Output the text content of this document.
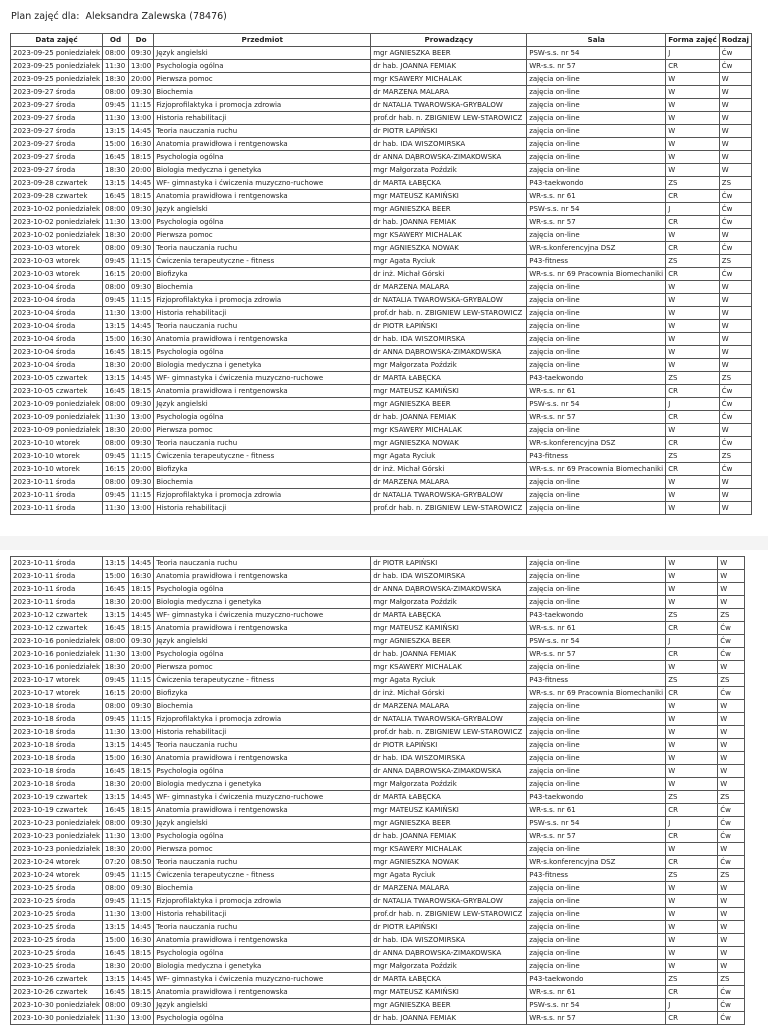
Plan zajęć dla: Aleksandra Zalewska (78476)
Data zajęć	Od	Do	Przedmiot	Prowadzący	Sala	Forma zajęć	Rodzaj
2023-09-25 poniedziałek	08:00	09:30	Język angielski	mgr AGNIESZKA BEER	PSW-s.s. nr 54	J	Ćw
2023-09-25 poniedziałek	11:30	13:00	Psychologia ogólna	dr hab. JOANNA FEMIAK	WR-s.s. nr 57	CR	Ćw
2023-09-25 poniedziałek	18:30	20:00	Pierwsza pomoc	mgr KSAWERY MICHALAK	zajęcia on-line	W	W
2023-09-27 środa	08:00	09:30	Biochemia	dr MARZENA MALARA	zajęcia on-line	W	W
2023-09-27 środa	09:45	11:15	Fizjoprofilaktyka i promocja zdrowia	dr NATALIA TWAROWSKA-GRYBALOW	zajęcia on-line	W	W
2023-09-27 środa	11:30	13:00	Historia rehabilitacji	prof.dr hab. n. ZBIGNIEW LEW-STAROWICZ	zajęcia on-line	W	W
2023-09-27 środa	13:15	14:45	Teoria nauczania ruchu	dr PIOTR ŁAPIŃSKI	zajęcia on-line	W	W
2023-09-27 środa	15:00	16:30	Anatomia prawidłowa i rentgenowska	dr hab. IDA WISZOMIRSKA	zajęcia on-line	W	W
2023-09-27 środa	16:45	18:15	Psychologia ogólna	dr ANNA DĄBROWSKA-ZIMAKOWSKA	zajęcia on-line	W	W
2023-09-27 środa	18:30	20:00	Biologia medyczna i genetyka	mgr Małgorzata Poździk	zajęcia on-line	W	W
2023-09-28 czwartek	13:15	14:45	WF- gimnastyka i ćwiczenia muzyczno-ruchowe	dr MARTA ŁABĘCKA	P43-taekwondo	ZS	ZS
2023-09-28 czwartek	16:45	18:15	Anatomia prawidłowa i rentgenowska	mgr MATEUSZ KAMIŃSKI	WR-s.s. nr 61	CR	Ćw
2023-10-02 poniedziałek	08:00	09:30	Język angielski	mgr AGNIESZKA BEER	PSW-s.s. nr 54	J	Ćw
2023-10-02 poniedziałek	11:30	13:00	Psychologia ogólna	dr hab. JOANNA FEMIAK	WR-s.s. nr 57	CR	Ćw
2023-10-02 poniedziałek	18:30	20:00	Pierwsza pomoc	mgr KSAWERY MICHALAK	zajęcia on-line	W	W
2023-10-03 wtorek	08:00	09:30	Teoria nauczania ruchu	mgr AGNIESZKA NOWAK	WR-s.konferencyjna DSZ	CR	Ćw
2023-10-03 wtorek	09:45	11:15	Ćwiczenia terapeutyczne - fitness	mgr Agata Ryciuk	P43-fitness	ZS	ZS
2023-10-03 wtorek	16:15	20:00	Biofizyka	dr inż. Michał Górski	WR-s.s. nr 69 Pracownia Biomechaniki	CR	Ćw
2023-10-04 środa	08:00	09:30	Biochemia	dr MARZENA MALARA	zajęcia on-line	W	W
2023-10-04 środa	09:45	11:15	Fizjoprofilaktyka i promocja zdrowia	dr NATALIA TWAROWSKA-GRYBALOW	zajęcia on-line	W	W
2023-10-04 środa	11:30	13:00	Historia rehabilitacji	prof.dr hab. n. ZBIGNIEW LEW-STAROWICZ	zajęcia on-line	W	W
2023-10-04 środa	13:15	14:45	Teoria nauczania ruchu	dr PIOTR ŁAPIŃSKI	zajęcia on-line	W	W
2023-10-04 środa	15:00	16:30	Anatomia prawidłowa i rentgenowska	dr hab. IDA WISZOMIRSKA	zajęcia on-line	W	W
2023-10-04 środa	16:45	18:15	Psychologia ogólna	dr ANNA DĄBROWSKA-ZIMAKOWSKA	zajęcia on-line	W	W
2023-10-04 środa	18:30	20:00	Biologia medyczna i genetyka	mgr Małgorzata Poździk	zajęcia on-line	W	W
2023-10-05 czwartek	13:15	14:45	WF- gimnastyka i ćwiczenia muzyczno-ruchowe	dr MARTA ŁABĘCKA	P43-taekwondo	ZS	ZS
2023-10-05 czwartek	16:45	18:15	Anatomia prawidłowa i rentgenowska	mgr MATEUSZ KAMIŃSKI	WR-s.s. nr 61	CR	Ćw
2023-10-09 poniedziałek	08:00	09:30	Język angielski	mgr AGNIESZKA BEER	PSW-s.s. nr 54	J	Ćw
2023-10-09 poniedziałek	11:30	13:00	Psychologia ogólna	dr hab. JOANNA FEMIAK	WR-s.s. nr 57	CR	Ćw
2023-10-09 poniedziałek	18:30	20:00	Pierwsza pomoc	mgr KSAWERY MICHALAK	zajęcia on-line	W	W
2023-10-10 wtorek	08:00	09:30	Teoria nauczania ruchu	mgr AGNIESZKA NOWAK	WR-s.konferencyjna DSZ	CR	Ćw
2023-10-10 wtorek	09:45	11:15	Ćwiczenia terapeutyczne - fitness	mgr Agata Ryciuk	P43-fitness	ZS	ZS
2023-10-10 wtorek	16:15	20:00	Biofizyka	dr inż. Michał Górski	WR-s.s. nr 69 Pracownia Biomechaniki	CR	Ćw
2023-10-11 środa	08:00	09:30	Biochemia	dr MARZENA MALARA	zajęcia on-line	W	W
2023-10-11 środa	09:45	11:15	Fizjoprofilaktyka i promocja zdrowia	dr NATALIA TWAROWSKA-GRYBALOW	zajęcia on-line	W	W
2023-10-11 środa	11:30	13:00	Historia rehabilitacji	prof.dr hab. n. ZBIGNIEW LEW-STAROWICZ	zajęcia on-line	W	W
2023-10-11 środa	13:15	14:45	Teoria nauczania ruchu	dr PIOTR ŁAPIŃSKI	zajęcia on-line	W	W
2023-10-11 środa	15:00	16:30	Anatomia prawidłowa i rentgenowska	dr hab. IDA WISZOMIRSKA	zajęcia on-line	W	W
2023-10-11 środa	16:45	18:15	Psychologia ogólna	dr ANNA DĄBROWSKA-ZIMAKOWSKA	zajęcia on-line	W	W
2023-10-11 środa	18:30	20:00	Biologia medyczna i genetyka	mgr Małgorzata Poździk	zajęcia on-line	W	W
2023-10-12 czwartek	13:15	14:45	WF- gimnastyka i ćwiczenia muzyczno-ruchowe	dr MARTA ŁABĘCKA	P43-taekwondo	ZS	ZS
2023-10-12 czwartek	16:45	18:15	Anatomia prawidłowa i rentgenowska	mgr MATEUSZ KAMIŃSKI	WR-s.s. nr 61	CR	Ćw
2023-10-16 poniedziałek	08:00	09:30	Język angielski	mgr AGNIESZKA BEER	PSW-s.s. nr 54	J	Ćw
2023-10-16 poniedziałek	11:30	13:00	Psychologia ogólna	dr hab. JOANNA FEMIAK	WR-s.s. nr 57	CR	Ćw
2023-10-16 poniedziałek	18:30	20:00	Pierwsza pomoc	mgr KSAWERY MICHALAK	zajęcia on-line	W	W
2023-10-17 wtorek	09:45	11:15	Ćwiczenia terapeutyczne - fitness	mgr Agata Ryciuk	P43-fitness	ZS	ZS
2023-10-17 wtorek	16:15	20:00	Biofizyka	dr inż. Michał Górski	WR-s.s. nr 69 Pracownia Biomechaniki	CR	Ćw
2023-10-18 środa	08:00	09:30	Biochemia	dr MARZENA MALARA	zajęcia on-line	W	W
2023-10-18 środa	09:45	11:15	Fizjoprofilaktyka i promocja zdrowia	dr NATALIA TWAROWSKA-GRYBALOW	zajęcia on-line	W	W
2023-10-18 środa	11:30	13:00	Historia rehabilitacji	prof.dr hab. n. ZBIGNIEW LEW-STAROWICZ	zajęcia on-line	W	W
2023-10-18 środa	13:15	14:45	Teoria nauczania ruchu	dr PIOTR ŁAPIŃSKI	zajęcia on-line	W	W
2023-10-18 środa	15:00	16:30	Anatomia prawidłowa i rentgenowska	dr hab. IDA WISZOMIRSKA	zajęcia on-line	W	W
2023-10-18 środa	16:45	18:15	Psychologia ogólna	dr ANNA DĄBROWSKA-ZIMAKOWSKA	zajęcia on-line	W	W
2023-10-18 środa	18:30	20:00	Biologia medyczna i genetyka	mgr Małgorzata Poździk	zajęcia on-line	W	W
2023-10-19 czwartek	13:15	14:45	WF- gimnastyka i ćwiczenia muzyczno-ruchowe	dr MARTA ŁABĘCKA	P43-taekwondo	ZS	ZS
2023-10-19 czwartek	16:45	18:15	Anatomia prawidłowa i rentgenowska	mgr MATEUSZ KAMIŃSKI	WR-s.s. nr 61	CR	Ćw
2023-10-23 poniedziałek	08:00	09:30	Język angielski	mgr AGNIESZKA BEER	PSW-s.s. nr 54	J	Ćw
2023-10-23 poniedziałek	11:30	13:00	Psychologia ogólna	dr hab. JOANNA FEMIAK	WR-s.s. nr 57	CR	Ćw
2023-10-23 poniedziałek	18:30	20:00	Pierwsza pomoc	mgr KSAWERY MICHALAK	zajęcia on-line	W	W
2023-10-24 wtorek	07:20	08:50	Teoria nauczania ruchu	mgr AGNIESZKA NOWAK	WR-s.konferencyjna DSZ	CR	Ćw
2023-10-24 wtorek	09:45	11:15	Ćwiczenia terapeutyczne - fitness	mgr Agata Ryciuk	P43-fitness	ZS	ZS
2023-10-25 środa	08:00	09:30	Biochemia	dr MARZENA MALARA	zajęcia on-line	W	W
2023-10-25 środa	09:45	11:15	Fizjoprofilaktyka i promocja zdrowia	dr NATALIA TWAROWSKA-GRYBALOW	zajęcia on-line	W	W
2023-10-25 środa	11:30	13:00	Historia rehabilitacji	prof.dr hab. n. ZBIGNIEW LEW-STAROWICZ	zajęcia on-line	W	W
2023-10-25 środa	13:15	14:45	Teoria nauczania ruchu	dr PIOTR ŁAPIŃSKI	zajęcia on-line	W	W
2023-10-25 środa	15:00	16:30	Anatomia prawidłowa i rentgenowska	dr hab. IDA WISZOMIRSKA	zajęcia on-line	W	W
2023-10-25 środa	16:45	18:15	Psychologia ogólna	dr ANNA DĄBROWSKA-ZIMAKOWSKA	zajęcia on-line	W	W
2023-10-25 środa	18:30	20:00	Biologia medyczna i genetyka	mgr Małgorzata Poździk	zajęcia on-line	W	W
2023-10-26 czwartek	13:15	14:45	WF- gimnastyka i ćwiczenia muzyczno-ruchowe	dr MARTA ŁABĘCKA	P43-taekwondo	ZS	ZS
2023-10-26 czwartek	16:45	18:15	Anatomia prawidłowa i rentgenowska	mgr MATEUSZ KAMIŃSKI	WR-s.s. nr 61	CR	Ćw
2023-10-30 poniedziałek	08:00	09:30	Język angielski	mgr AGNIESZKA BEER	PSW-s.s. nr 54	J	Ćw
2023-10-30 poniedziałek	11:30	13:00	Psychologia ogólna	dr hab. JOANNA FEMIAK	WR-s.s. nr 57	CR	Ćw
